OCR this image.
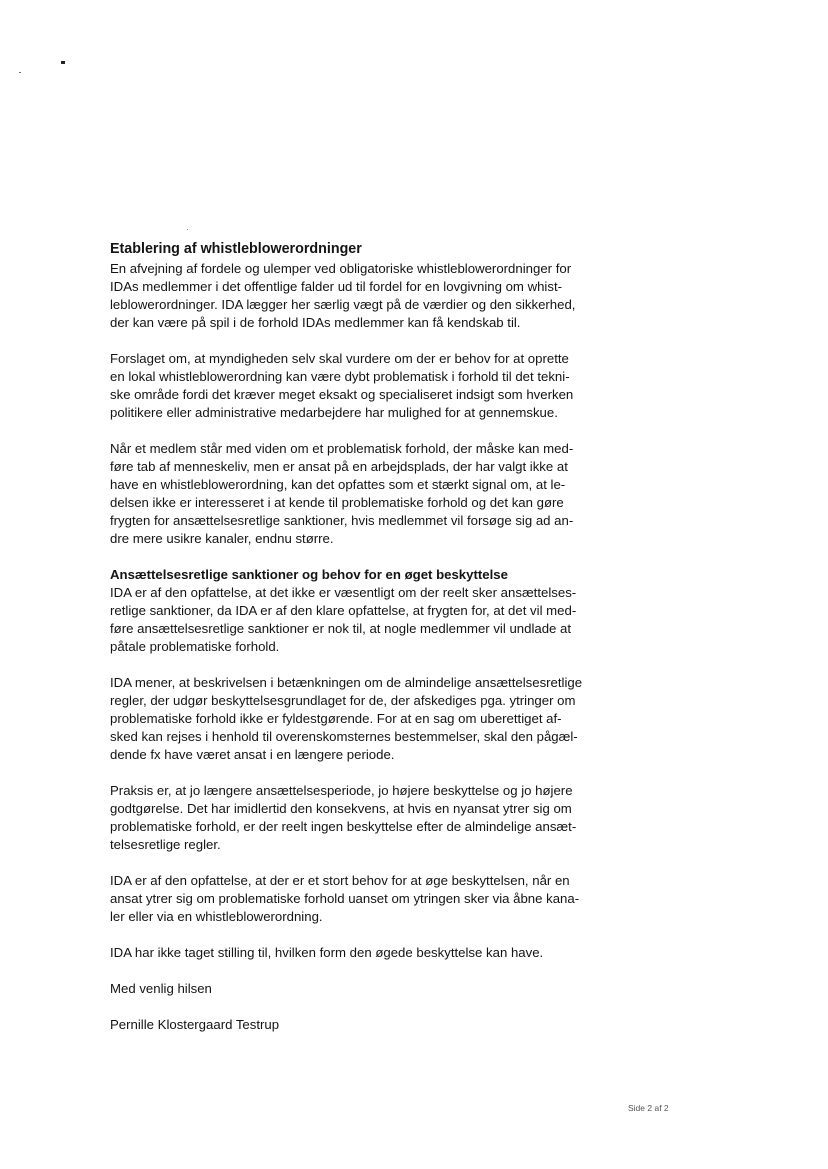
Etablering af whistleblowerordninger
En afvejning af fordele og ulemper ved obligatoriske whistleblowerordninger for
IDAs medlemmer i det offentlige falder ud til fordel for en lovgivning om whist-
leblowerordninger. IDA lægger her særlig vægt på de værdier og den sikkerhed,
der kan være på spil i de forhold IDAs medlemmer kan få kendskab til.
Forslaget om, at myndigheden selv skal vurdere om der er behov for at oprette
en lokal whistleblowerordning kan være dybt problematisk i forhold til det tekni-
ske område fordi det kræver meget eksakt og specialiseret indsigt som hverken
politikere eller administrative medarbejdere har mulighed for at gennemskue.
Når et medlem står med viden om et problematisk forhold, der måske kan med-
føre tab af menneskeliv, men er ansat på en arbejdsplads, der har valgt ikke at
have en whistleblowerordning, kan det opfattes som et stærkt signal om, at le-
delsen ikke er interesseret i at kende til problematiske forhold og det kan gøre
frygten for ansættelsesretlige sanktioner, hvis medlemmet vil forsøge sig ad an-
dre mere usikre kanaler, endnu større.
Ansættelsesretlige sanktioner og behov for en øget beskyttelse
IDA er af den opfattelse, at det ikke er væsentligt om der reelt sker ansættelses-
retlige sanktioner, da IDA er af den klare opfattelse, at frygten for, at det vil med-
føre ansættelsesretlige sanktioner er nok til, at nogle medlemmer vil undlade at
påtale problematiske forhold.
IDA mener, at beskrivelsen i betænkningen om de almindelige ansættelsesretlige
regler, der udgør beskyttelsesgrundlaget for de, der afskediges pga. ytringer om
problematiske forhold ikke er fyldestgørende. For at en sag om uberettiget af-
sked kan rejses i henhold til overenskomsternes bestemmelser, skal den pågæl-
dende fx have været ansat i en længere periode.
Praksis er, at jo længere ansættelsesperiode, jo højere beskyttelse og jo højere
godtgørelse. Det har imidlertid den konsekvens, at hvis en nyansat ytrer sig om
problematiske forhold, er der reelt ingen beskyttelse efter de almindelige ansæt-
telsesretlige regler.
IDA er af den opfattelse, at der er et stort behov for at øge beskyttelsen, når en
ansat ytrer sig om problematiske forhold uanset om ytringen sker via åbne kana-
ler eller via en whistleblowerordning.
IDA har ikke taget stilling til, hvilken form den øgede beskyttelse kan have.
Med venlig hilsen
Pernille Klostergaard Testrup
Side 2 af 2
